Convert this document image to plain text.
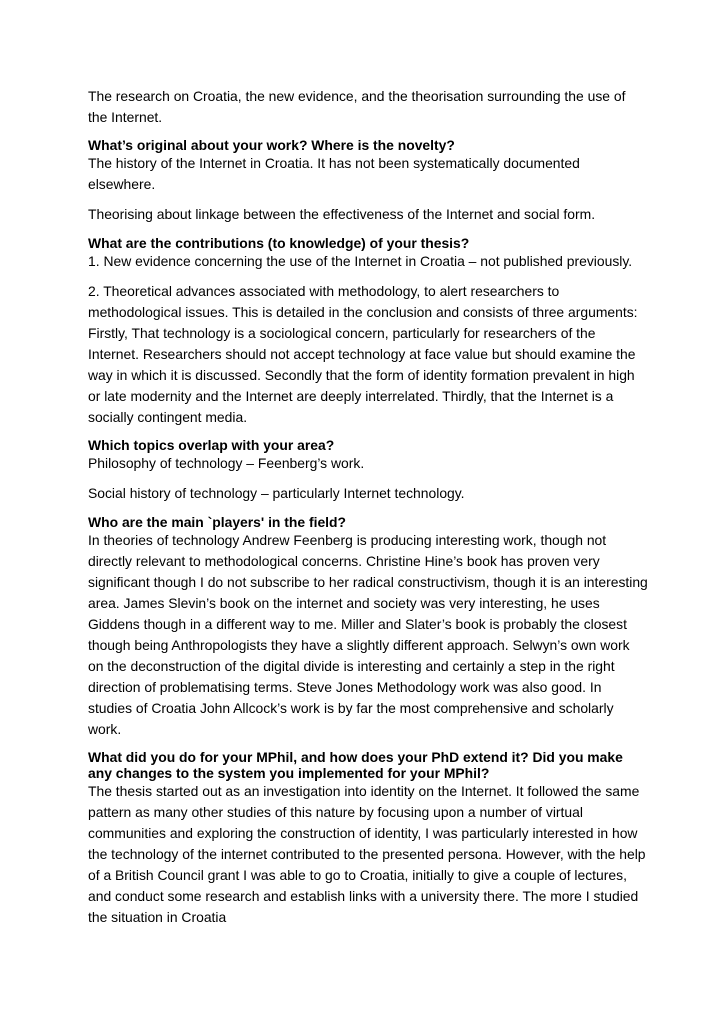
The research on Croatia, the new evidence, and the theorisation surrounding the use of the Internet.

What’s original about your work? Where is the novelty?
The history of the Internet in Croatia. It has not been systematically documented elsewhere.

Theorising about linkage between the effectiveness of the Internet and social form.

What are the contributions (to knowledge) of your thesis?
1. New evidence concerning the use of the Internet in Croatia – not published previously.

2. Theoretical advances associated with methodology, to alert researchers to methodological issues. This is detailed in the conclusion and consists of three arguments: Firstly, That technology is a sociological concern, particularly for researchers of the Internet. Researchers should not accept technology at face value but should examine the way in which it is discussed. Secondly that the form of identity formation prevalent in high or late modernity and the Internet are deeply interrelated. Thirdly, that the Internet is a socially contingent media.

Which topics overlap with your area?
Philosophy of technology – Feenberg’s work.

Social history of technology – particularly Internet technology.

Who are the main `players' in the field?
In theories of technology Andrew Feenberg is producing interesting work, though not directly relevant to methodological concerns. Christine Hine’s book has proven very significant though I do not subscribe to her radical constructivism, though it is an interesting area. James Slevin’s book on the internet and society was very interesting, he uses Giddens though in a different way to me. Miller and Slater’s book is probably the closest though being Anthropologists they have a slightly different approach. Selwyn’s own work on the deconstruction of the digital divide is interesting and certainly a step in the right direction of problematising terms. Steve Jones Methodology work was also good. In studies of Croatia John Allcock’s work is by far the most comprehensive and scholarly work.

What did you do for your MPhil, and how does your PhD extend it? Did you make any changes to the system you implemented for your MPhil?
The thesis started out as an investigation into identity on the Internet. It followed the same pattern as many other studies of this nature by focusing upon a number of virtual communities and exploring the construction of identity, I was particularly interested in how the technology of the internet contributed to the presented persona. However, with the help of a British Council grant I was able to go to Croatia, initially to give a couple of lectures, and conduct some research and establish links with a university there. The more I studied the situation in Croatia
